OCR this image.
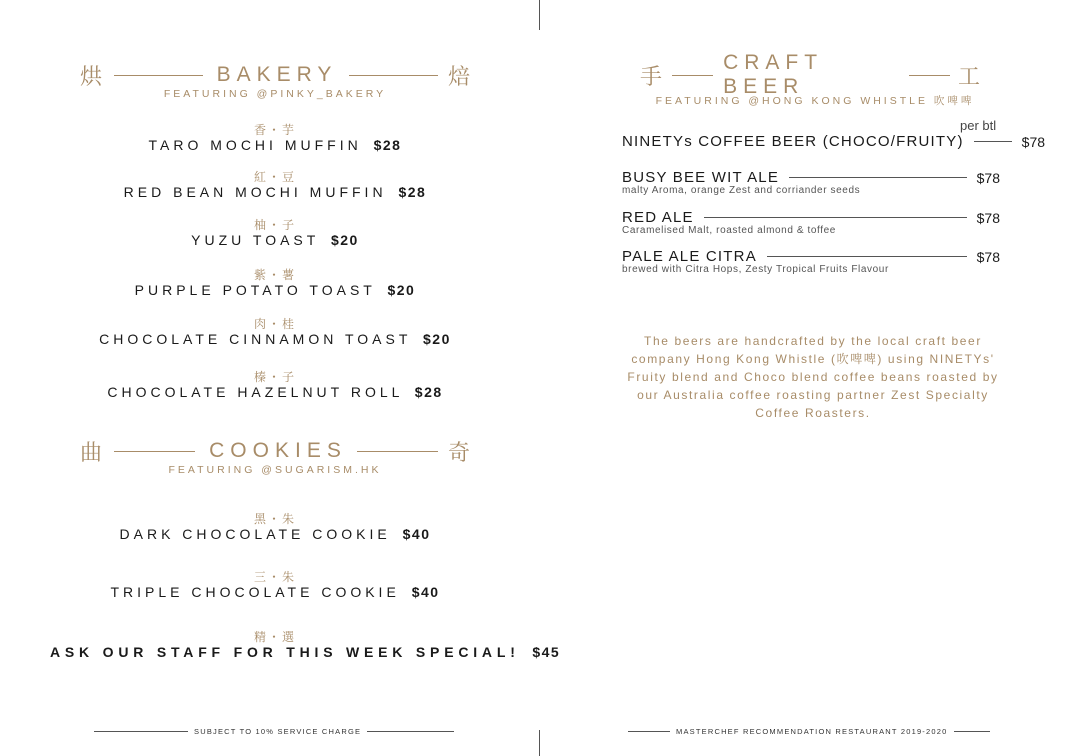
烘	BAKERY	焙
FEATURING @PINKY_BAKERY
香・芋
TARO MOCHI MUFFIN $28
紅・豆
RED BEAN MOCHI MUFFIN $28
柚・子
YUZU TOAST $20
紫・薯
PURPLE POTATO TOAST $20
肉・桂
CHOCOLATE CINNAMON TOAST $20
榛・子
CHOCOLATE HAZELNUT ROLL $28
曲	COOKIES	奇
FEATURING @SUGARISM.HK
黑・朱
DARK CHOCOLATE COOKIE $40
三・朱
TRIPLE CHOCOLATE COOKIE $40
精・選
ASK OUR STAFF FOR THIS WEEK SPECIAL! $45
SUBJECT TO 10% SERVICE CHARGE
手
CRAFT BEER	工
FEATURING @HONG KONG WHISTLE 吹啤啤
per btl
NINETYs COFFEE BEER (CHOCO/FRUITY)	$78
BUSY BEE WIT ALE	$78
malty Aroma, orange Zest and corriander seeds
RED ALE	$78
Caramelised Malt, roasted almond & toffee
PALE ALE CITRA	$78
brewed with Citra Hops, Zesty Tropical Fruits Flavour
The beers are handcrafted by the local craft beer company Hong Kong Whistle (吹啤啤) using NINETYs' Fruity blend and Choco blend coffee beans roasted by our Australia coffee roasting partner Zest Specialty Coffee Roasters.
MASTERCHEF RECOMMENDATION RESTAURANT 2019-2020
